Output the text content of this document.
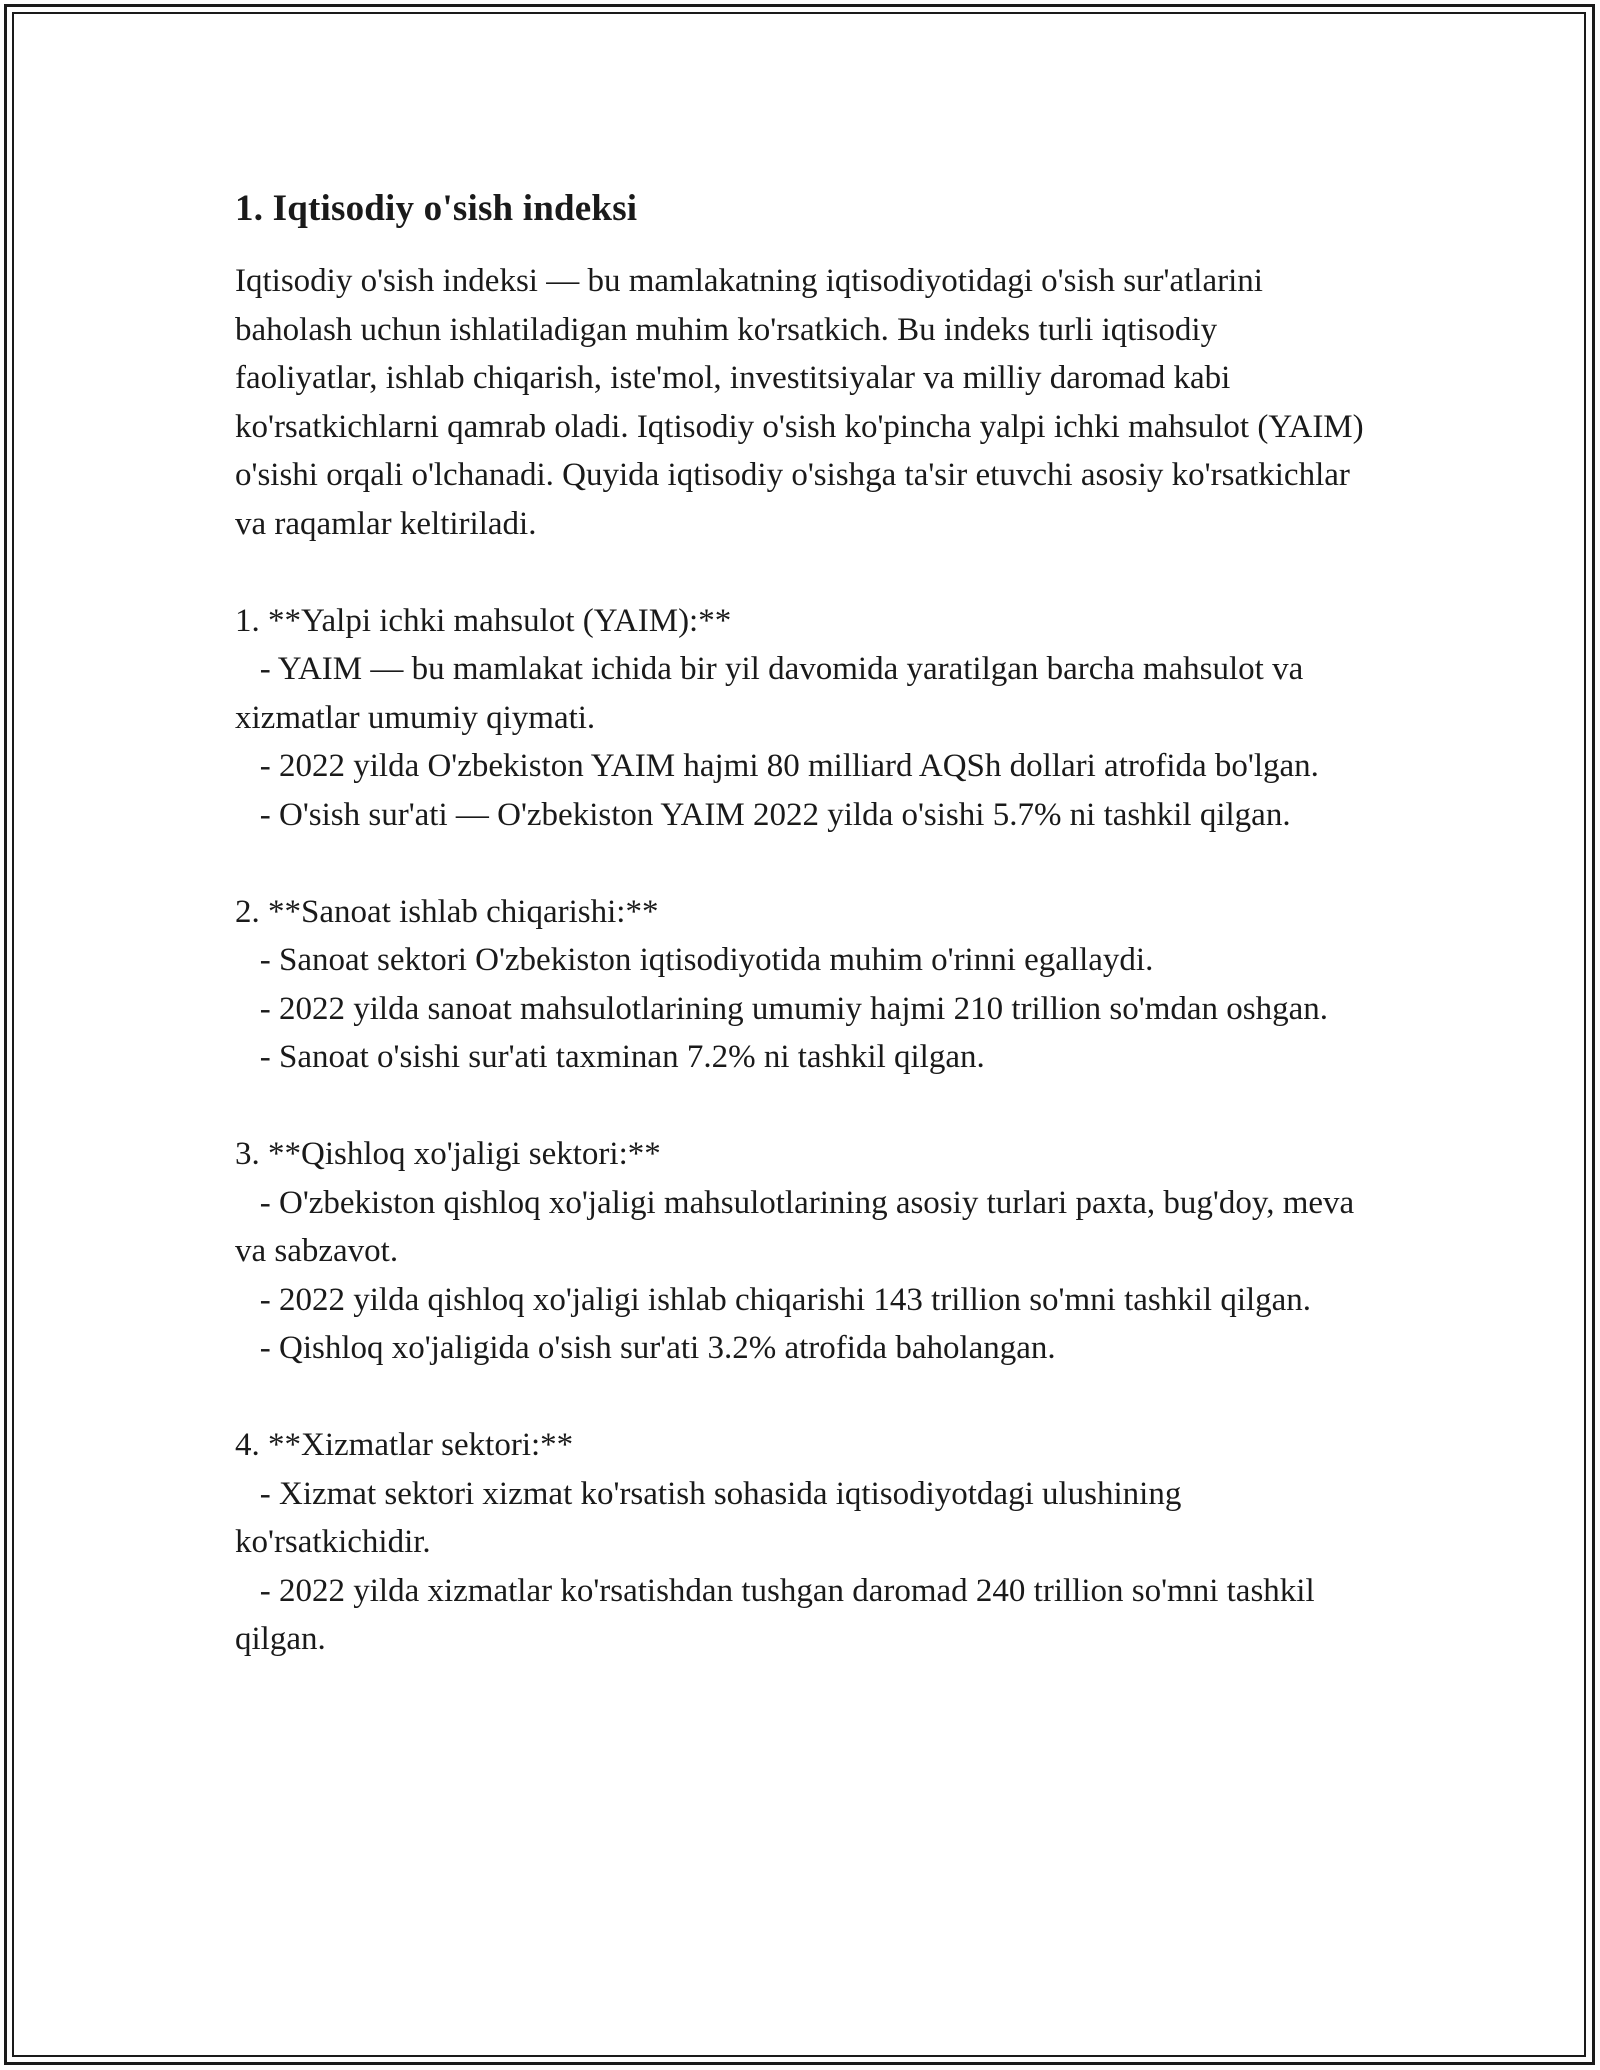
1. Iqtisodiy o'sish indeksi

Iqtisodiy o'sish indeksi — bu mamlakatning iqtisodiyotidagi o'sish sur'atlarini baholash uchun ishlatiladigan muhim ko'rsatkich. Bu indeks turli iqtisodiy faoliyatlar, ishlab chiqarish, iste'mol, investitsiyalar va milliy daromad kabi ko'rsatkichlarni qamrab oladi. Iqtisodiy o'sish ko'pincha yalpi ichki mahsulot (YAIM) o'sishi orqali o'lchanadi. Quyida iqtisodiy o'sishga ta'sir etuvchi asosiy ko'rsatkichlar va raqamlar keltiriladi.

1. **Yalpi ichki mahsulot (YAIM):**

- YAIM — bu mamlakat ichida bir yil davomida yaratilgan barcha mahsulot va xizmatlar umumiy qiymati.

- 2022 yilda O'zbekiston YAIM hajmi 80 milliard AQSh dollari atrofida bo'lgan.

- O'sish sur'ati — O'zbekiston YAIM 2022 yilda o'sishi 5.7% ni tashkil qilgan.

2. **Sanoat ishlab chiqarishi:**

- Sanoat sektori O'zbekiston iqtisodiyotida muhim o'rinni egallaydi.

- 2022 yilda sanoat mahsulotlarining umumiy hajmi 210 trillion so'mdan oshgan.

- Sanoat o'sishi sur'ati taxminan 7.2% ni tashkil qilgan.

3. **Qishloq xo'jaligi sektori:**

- O'zbekiston qishloq xo'jaligi mahsulotlarining asosiy turlari paxta, bug'doy, meva va sabzavot.

- 2022 yilda qishloq xo'jaligi ishlab chiqarishi 143 trillion so'mni tashkil qilgan.

- Qishloq xo'jaligida o'sish sur'ati 3.2% atrofida baholangan.

4. **Xizmatlar sektori:**

- Xizmat sektori xizmat ko'rsatish sohasida iqtisodiyotdagi ulushining ko'rsatkichidir.

- 2022 yilda xizmatlar ko'rsatishdan tushgan daromad 240 trillion so'mni tashkil qilgan.
